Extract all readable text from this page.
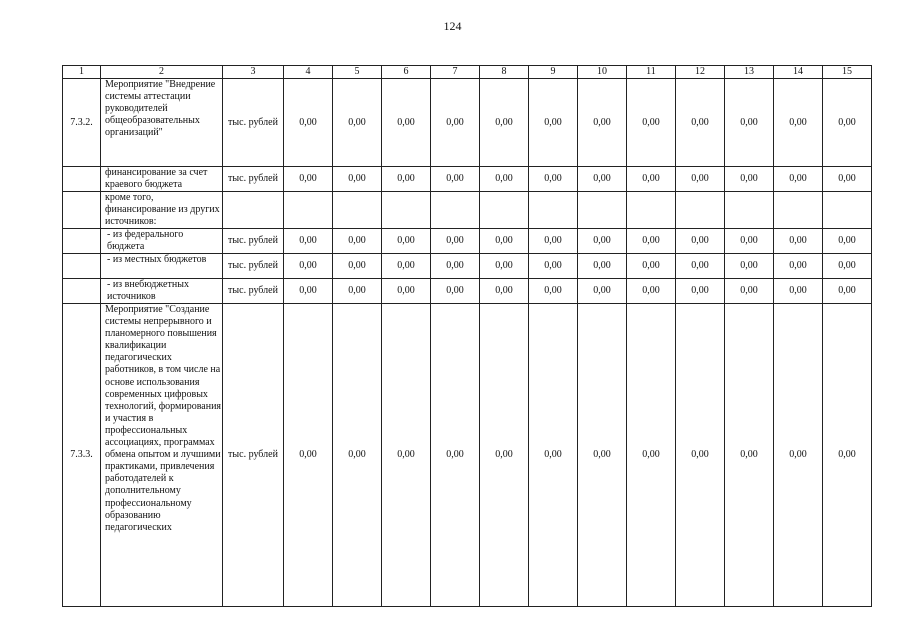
124
1	2	3	4	5	6	7	8	9	10	11	12	13	14	15
7.3.2.	Мероприятие "Внедрение системы аттестации руководителей общеобразовательных организаций"	тыс. рублей	0,00	0,00	0,00	0,00	0,00	0,00	0,00	0,00	0,00	0,00	0,00	0,00
	финансирование за счет краевого бюджета	тыс. рублей	0,00	0,00	0,00	0,00	0,00	0,00	0,00	0,00	0,00	0,00	0,00	0,00
	кроме того, финансирование из других источников:													
	- из федерального бюджета	тыс. рублей	0,00	0,00	0,00	0,00	0,00	0,00	0,00	0,00	0,00	0,00	0,00	0,00
	- из местных бюджетов	тыс. рублей	0,00	0,00	0,00	0,00	0,00	0,00	0,00	0,00	0,00	0,00	0,00	0,00
	- из внебюджетных источников	тыс. рублей	0,00	0,00	0,00	0,00	0,00	0,00	0,00	0,00	0,00	0,00	0,00	0,00
7.3.3.	Мероприятие "Создание системы непрерывного и планомерного повышения квалификации педагогических работников, в том числе на основе использования современных цифровых технологий, формирования и участия в профессиональных ассоциациях, программах обмена опытом и лучшими практиками, привлечения работодателей к дополнительному профессиональному образованию педагогических	тыс. рублей	0,00	0,00	0,00	0,00	0,00	0,00	0,00	0,00	0,00	0,00	0,00	0,00
